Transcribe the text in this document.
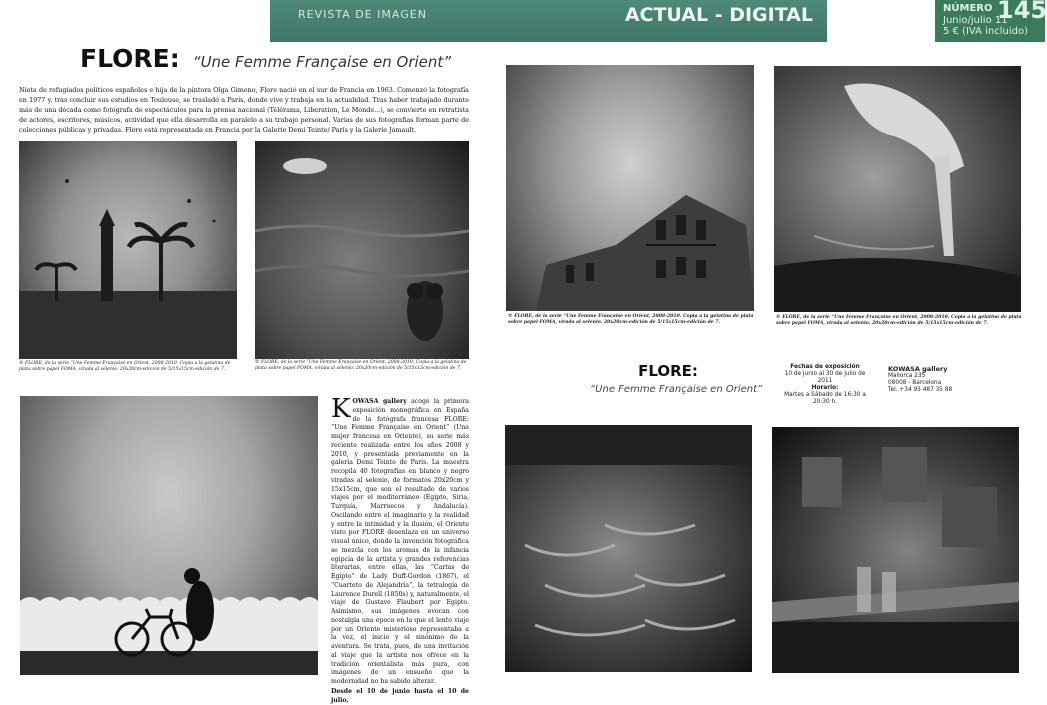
REVISTA DE IMAGEN	ACTUAL - DIGITAL	NÚMERO 145
Junio/julio 11
5 € (IVA incluido)
FLORE: “Une Femme Française en Orient”

Nieta de refugiados políticos españoles e hija de la pintora Olga Gimeno, Flore nació en el sur de Francia en 1963. Comenzó la fotografía en 1977 y, tras concluir sus estudios en Toulouse, se trasladó a París, donde vive y trabaja en la actualidad. Tras haber trabajado durante más de una década como fotógrafa de espectáculos para la prensa nacional (Télérama, Liberation, Le Monde...), se convierte en retratista de actores, escritores, músicos, actividad que ella desarrolla en paralelo a su trabajo personal. Varias de sus fotografías forman parte de colecciones públicas y privadas. Flore está representada en Francia por la Galerie Demi Teinte/ París y la Galerie Jamault.

© FLORE, de la serie “Une Femme Française en Orient, 2008-2010. Copia a la gelatina de plata sobre papel FOMA, virada al selenio. 20x20cm-edición de 5/15x15cm-edición de 7.

© FLORE, de la serie “Une Femme Française en Orient, 2008-2010. Copia a la gelatina de plata sobre papel FOMA, virada al selenio. 20x20cm-edición de 5/15x15cm-edición de 7.

© FLORE, de la serie “Une Femme Française en Orient, 2008-2010. Copia a la gelatina de plata sobre papel FOMA, virada al selenio. 20x20cm-edición de 5/15x15cm-edición de 7.

© FLORE, de la serie “Une Femme Française en Orient, 2008-2010. Copia a la gelatina de plata sobre papel FOMA, virada al selenio. 20x20cm-edición de 5/15x15cm-edición de 7.

KOWASA gallery acoge la primera exposición monográfica en España de la fotógrafa francesa FLORE: “Une Femme Française en Orient” (Una mujer francesa en Oriente), su serie más reciente realizada entre los años 2008 y 2010, y presentada previamente en la galería Demi Teinte de París. La muestra recopila 40 fotografías en blanco y negro viradas al selenio, de formatos 20x20cm y 15x15cm, que son el resultado de varios viajes por el mediterráneo (Egipto, Siria, Turquía, Marruecos y Andalucía). Oscilando entre el imaginario y la realidad y entre la intimidad y la ilusión, el Oriente visto por FLORE desenlaza en un universo visual único, donde la invención fotográfica se mezcla con los aromas de la infancia egipcia de la artista y grandes referencias literarias, entre ellas, las “Cartas de Egipto” de Lady Duff-Gordon (1867), el “Cuarteto de Alejandría”, la tetralogía de Laurence Durell (1850s) y, naturalmente, el viaje de Gustave Flaubert por Egipto. Asimismo, sus imágenes evocan con nostalgia una época en la que el lento viaje por un Oriente misterioso representaba a la vez, el inicio y el sinónimo de la aventura. Se trata, pues, de una invitación al viaje que la artista nos ofrece en la tradición orientalista más pura, con imágenes de un ensueño que la modernidad no ha sabido alterar.
Desde el 10 de junio hasta el 10 de julio.
FLORE:
“Une Femme Française en Orient”
Fechas de exposición
10 de junio al 30 de julio de 2011
Horario:
Martes a Sábado de 16:30 a 20:30 h.
KOWASA gallery
Mallorca 235
08008 - Barcelona
Tel. +34 93 487 35 88
